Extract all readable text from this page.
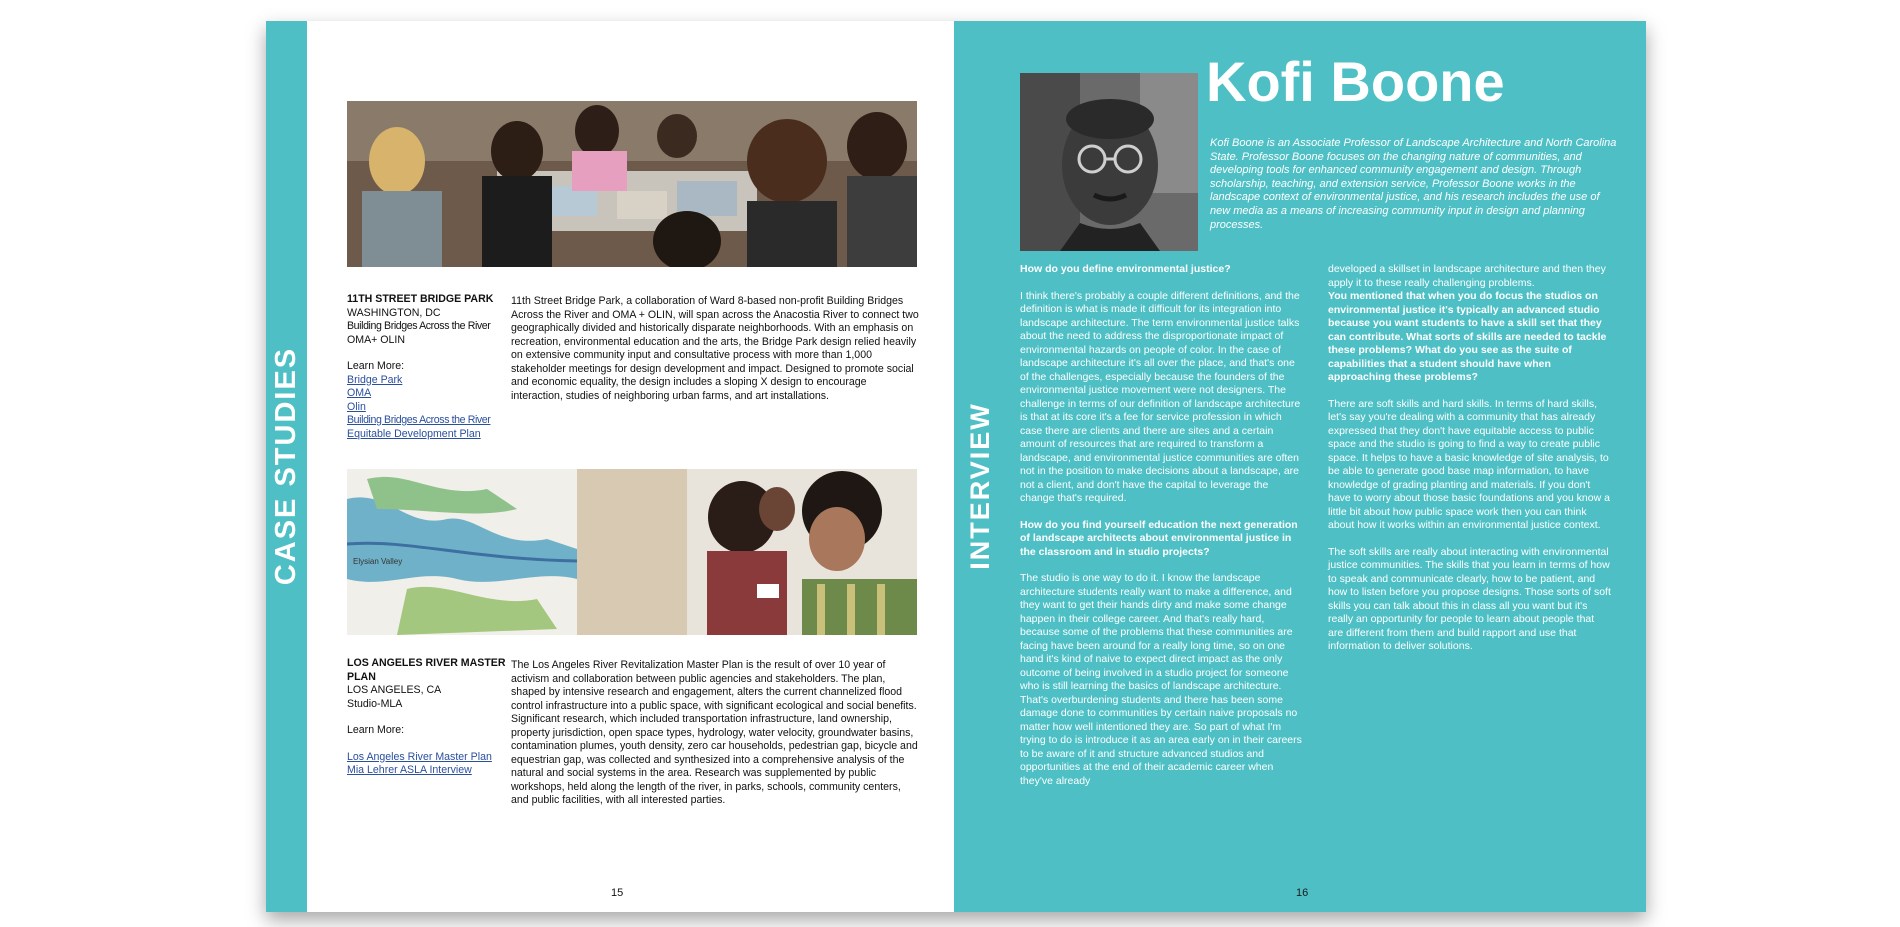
CASE STUDIES
11TH STREET BRIDGE PARK
WASHINGTON, DC
Building Bridges Across the River
OMA+ OLIN
Learn More:
Bridge Park
OMA
Olin
Building Bridges Across the River
Equitable Development Plan
11th Street Bridge Park, a collaboration of Ward 8-based non-profit Building Bridges Across the River and OMA + OLIN, will span across the Anacostia River to connect two geographically divided and historically disparate neighborhoods. With an emphasis on recreation, environmental education and the arts, the Bridge Park design relied heavily on extensive community input and consultative process with more than 1,000 stakeholder meetings for design development and impact. Designed to promote social and economic equality, the design includes a sloping X design to encourage interaction, studies of neighboring urban farms, and art installations.
Elysian Valley
LOS ANGELES RIVER MASTER PLAN
LOS ANGELES, CA
Studio-MLA
Learn More:
Los Angeles River Master Plan
Mia Lehrer ASLA Interview
The Los Angeles River Revitalization Master Plan is the result of over 10 year of activism and collaboration between public agencies and stakeholders. The plan, shaped by intensive research and engagement, alters the current channelized flood control infrastructure into a public space, with significant ecological and social benefits. Significant research, which included transportation infrastructure, land ownership, property jurisdiction, open space types, hydrology, water velocity, groundwater basins, contamination plumes, youth density, zero car households, pedestrian gap, bicycle and equestrian gap, was collected and synthesized into a comprehensive analysis of the natural and social systems in the area. Research was supplemented by public workshops, held along the length of the river, in parks, schools, community centers, and public facilities, with all interested parties.
15
INTERVIEW
Kofi Boone
Kofi Boone is an Associate Professor of Landscape Architecture and North Carolina State. Professor Boone focuses on the changing nature of communities, and developing tools for enhanced community engagement and design. Through scholarship, teaching, and extension service, Professor Boone works in the landscape context of environmental justice, and his research includes the use of new media as a means of increasing community input in design and planning processes.
How do you define environmental justice?
I think there's probably a couple different definitions, and the definition is what is made it difficult for its integration into landscape architecture. The term environmental justice talks about the need to address the disproportionate impact of environmental hazards on people of color. In the case of landscape architecture it's all over the place, and that's one of the challenges, especially because the founders of the environmental justice movement were not designers. The challenge in terms of our definition of landscape architecture is that at its core it's a fee for service profession in which case there are clients and there are sites and a certain amount of resources that are required to transform a landscape, and environmental justice communities are often not in the position to make decisions about a landscape, are not a client, and don't have the capital to leverage the change that's required.
How do you find yourself education the next generation of landscape architects about environmental justice in the classroom and in studio projects?
The studio is one way to do it. I know the landscape architecture students really want to make a difference, and they want to get their hands dirty and make some change happen in their college career. And that's really hard, because some of the problems that these communities are facing have been around for a really long time, so on one hand it's kind of naive to expect direct impact as the only outcome of being involved in a studio project for someone who is still learning the basics of landscape architecture. That's overburdening students and there has been some damage done to communities by certain naive proposals no matter how well intentioned they are. So part of what I'm trying to do is introduce it as an area early on in their careers to be aware of it and structure advanced studios and opportunities at the end of their academic career when they've already
developed a skillset in landscape architecture and then they apply it to these really challenging problems.
You mentioned that when you do focus the studios on environmental justice it's typically an advanced studio because you want students to have a skill set that they can contribute. What sorts of skills are needed to tackle these problems? What do you see as the suite of capabilities that a student should have when approaching these problems?
There are soft skills and hard skills. In terms of hard skills, let's say you're dealing with a community that has already expressed that they don't have equitable access to public space and the studio is going to find a way to create public space. It helps to have a basic knowledge of site analysis, to be able to generate good base map information, to have knowledge of grading planting and materials. If you don't have to worry about those basic foundations and you know a little bit about how public space work then you can think about how it works within an environmental justice context.
The soft skills are really about interacting with environmental justice communities. The skills that you learn in terms of how to speak and communicate clearly, how to be patient, and how to listen before you propose designs. Those sorts of soft skills you can talk about this in class all you want but it's really an opportunity for people to learn about people that are different from them and build rapport and use that information to deliver solutions.
16
